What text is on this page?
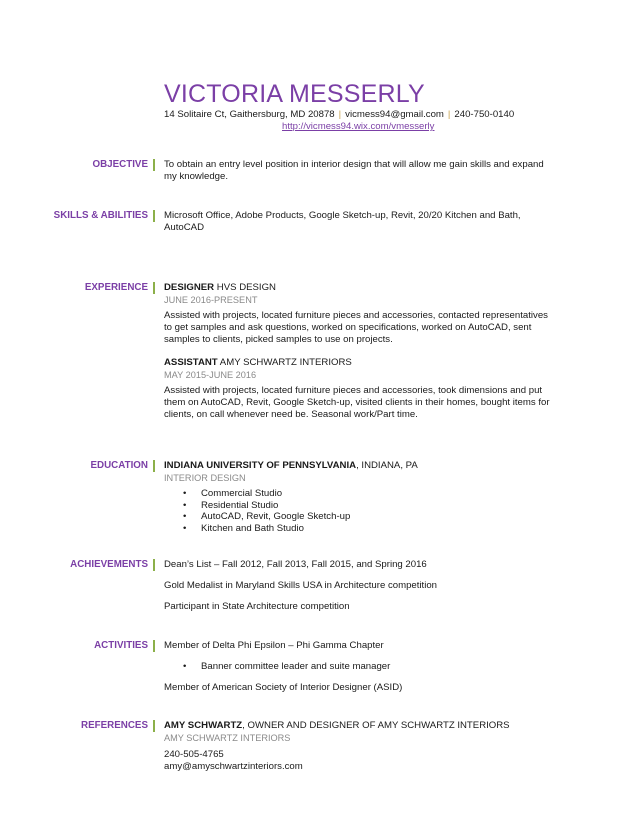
VICTORIA MESSERLY
14 Solitaire Ct, Gaithersburg, MD 20878 | vicmess94@gmail.com | 240-750-0140
http://vicmess94.wix.com/vmesserly
OBJECTIVE To obtain an entry level position in interior design that will allow me gain skills and expand my knowledge.
SKILLS & ABILITIES Microsoft Office, Adobe Products, Google Sketch-up, Revit, 20/20 Kitchen and Bath, AutoCAD
EXPERIENCE DESIGNER HVS DESIGN
JUNE 2016-PRESENT
Assisted with projects, located furniture pieces and accessories, contacted representatives to get samples and ask questions, worked on specifications, worked on AutoCAD, sent samples to clients, picked samples to use on projects.
ASSISTANT AMY SCHWARTZ INTERIORS
MAY 2015-JUNE 2016
Assisted with projects, located furniture pieces and accessories, took dimensions and put them on AutoCAD, Revit, Google Sketch-up, visited clients in their homes, bought items for clients, on call whenever need be. Seasonal work/Part time.
EDUCATION INDIANA UNIVERSITY OF PENNSYLVANIA, INDIANA, PA
INTERIOR DESIGN
• Commercial Studio
• Residential Studio
• AutoCAD, Revit, Google Sketch-up
• Kitchen and Bath Studio
ACHIEVEMENTS Dean’s List – Fall 2012, Fall 2013, Fall 2015, and Spring 2016
Gold Medalist in Maryland Skills USA in Architecture competition
Participant in State Architecture competition
ACTIVITIES Member of Delta Phi Epsilon – Phi Gamma Chapter
• Banner committee leader and suite manager
Member of American Society of Interior Designer (ASID)
REFERENCES AMY SCHWARTZ, OWNER AND DESIGNER OF AMY SCHWARTZ INTERIORS
AMY SCHWARTZ INTERIORS
240-505-4765
amy@amyschwartzinteriors.com
